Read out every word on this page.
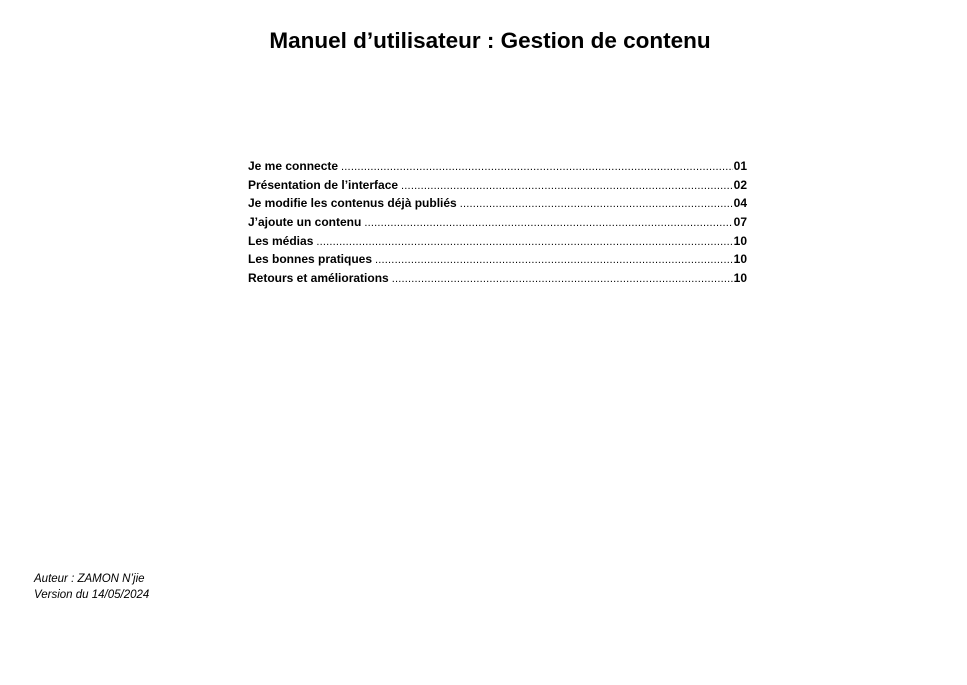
Manuel d’utilisateur : Gestion de contenu
Je me connecte .....	01
Présentation de l’interface .....	02
Je modifie les contenus déjà publiés .....	04
J’ajoute un contenu .....	07
Les médias .....	10
Les bonnes pratiques .....	10
Retours et améliorations .....	10
Auteur : ZAMON N’jie
Version du 14/05/2024
